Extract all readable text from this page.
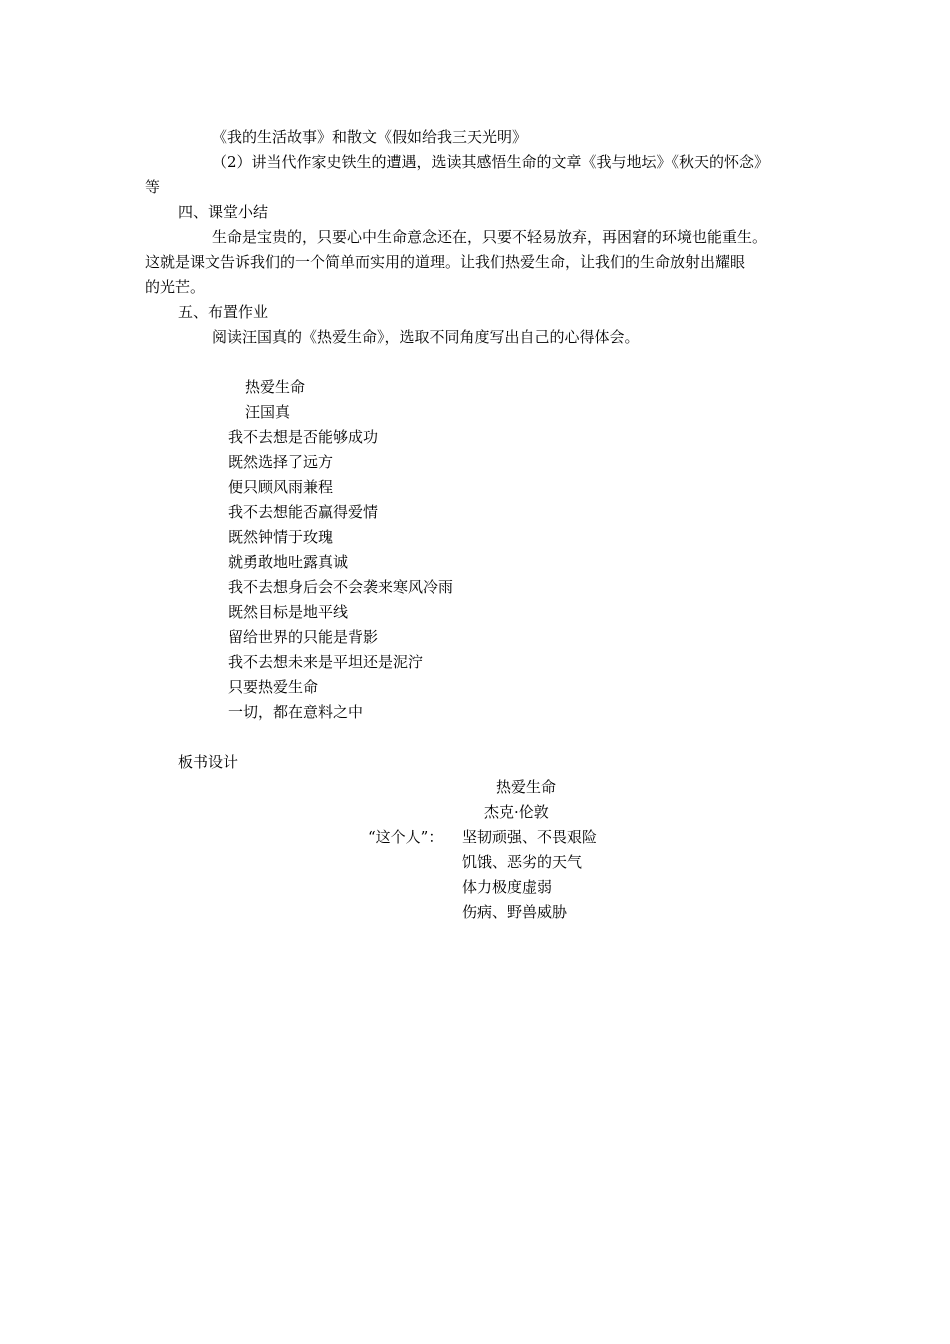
《我的生活故事》和散文《假如给我三天光明》
（2）讲当代作家史铁生的遭遇，选读其感悟生命的文章《我与地坛》《秋天的怀念》
等
四、课堂小结
生命是宝贵的，只要心中生命意念还在，只要不轻易放弃，再困窘的环境也能重生。
这就是课文告诉我们的一个简单而实用的道理。让我们热爱生命，让我们的生命放射出耀眼
的光芒。
五、布置作业
阅读汪国真的《热爱生命》，选取不同角度写出自己的心得体会。
热爱生命
汪国真
我不去想是否能够成功
既然选择了远方
便只顾风雨兼程
我不去想能否赢得爱情
既然钟情于玫瑰
就勇敢地吐露真诚
我不去想身后会不会袭来寒风冷雨
既然目标是地平线
留给世界的只能是背影
我不去想未来是平坦还是泥泞
只要热爱生命
一切，都在意料之中
板书设计
热爱生命
杰克·伦敦
“这个人”： 坚韧顽强、不畏艰险
饥饿、恶劣的天气
体力极度虚弱
伤病、野兽威胁
